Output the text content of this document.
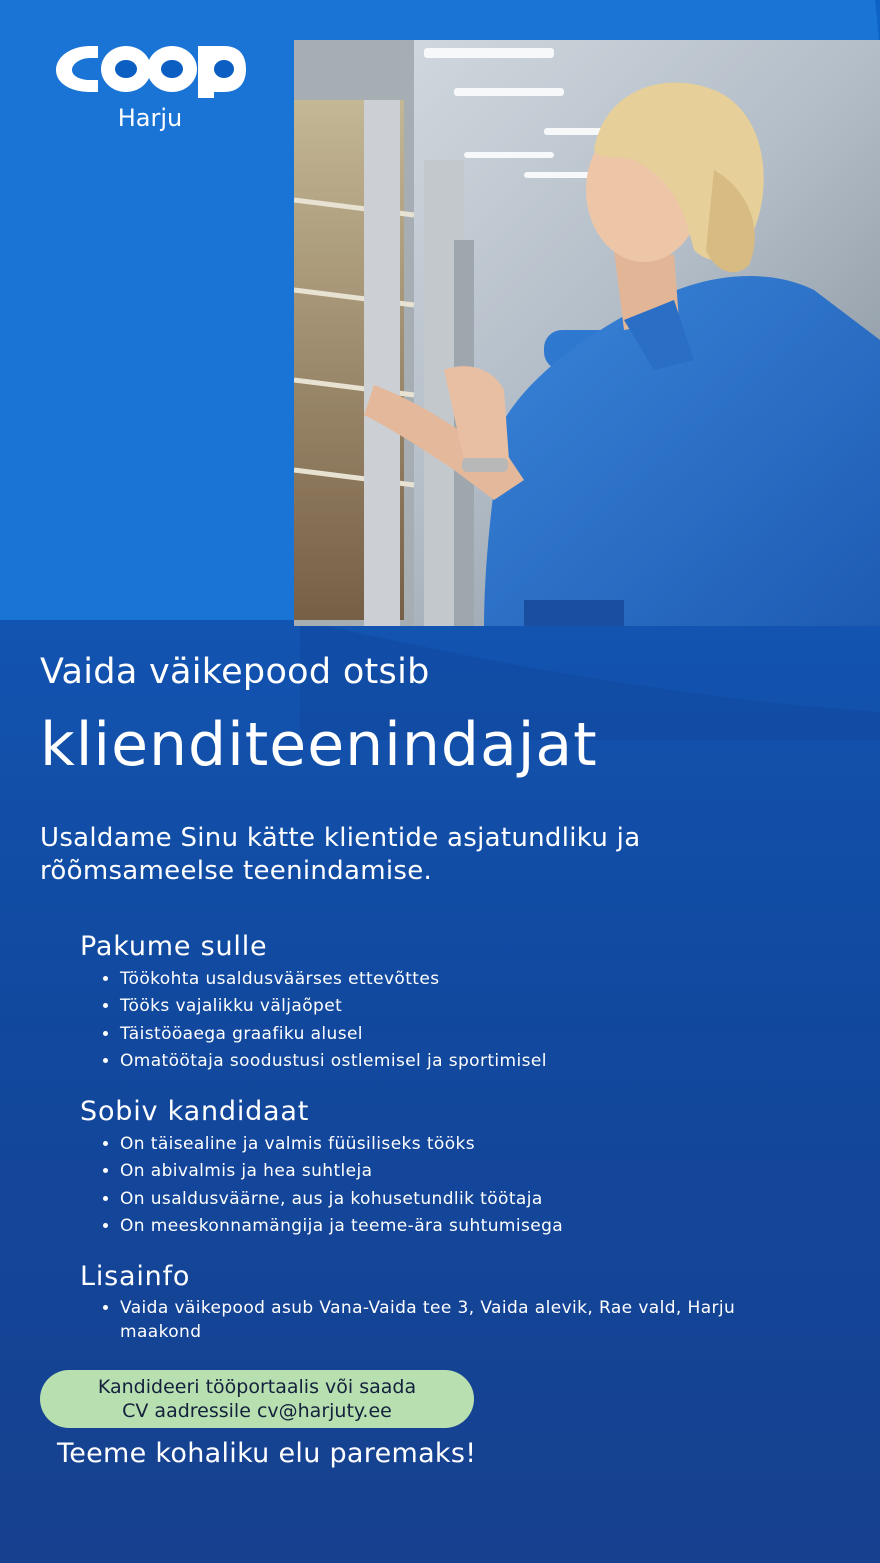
Harju
Vaida väikepood otsib
klienditeenindajat
Usaldame Sinu kätte klientide asjatundliku ja rõõmsameelse teenindamise.
Pakume sulle
• Töökohta usaldusväärses ettevõttes
• Tööks vajalikku väljaõpet
• Täistööaega graafiku alusel
• Omatöötaja soodustusi ostlemisel ja sportimisel
Sobiv kandidaat
• On täisealine ja valmis füüsiliseks tööks
• On abivalmis ja hea suhtleja
• On usaldusväärne, aus ja kohusetundlik töötaja
• On meeskonnamängija ja teeme-ära suhtumisega
Lisainfo
• Vaida väikepood asub Vana-Vaida tee 3, Vaida alevik, Rae vald, Harju maakond
Kandideeri tööportaalis või saada
CV aadressile cv@harjuty.ee
Teeme kohaliku elu paremaks!
